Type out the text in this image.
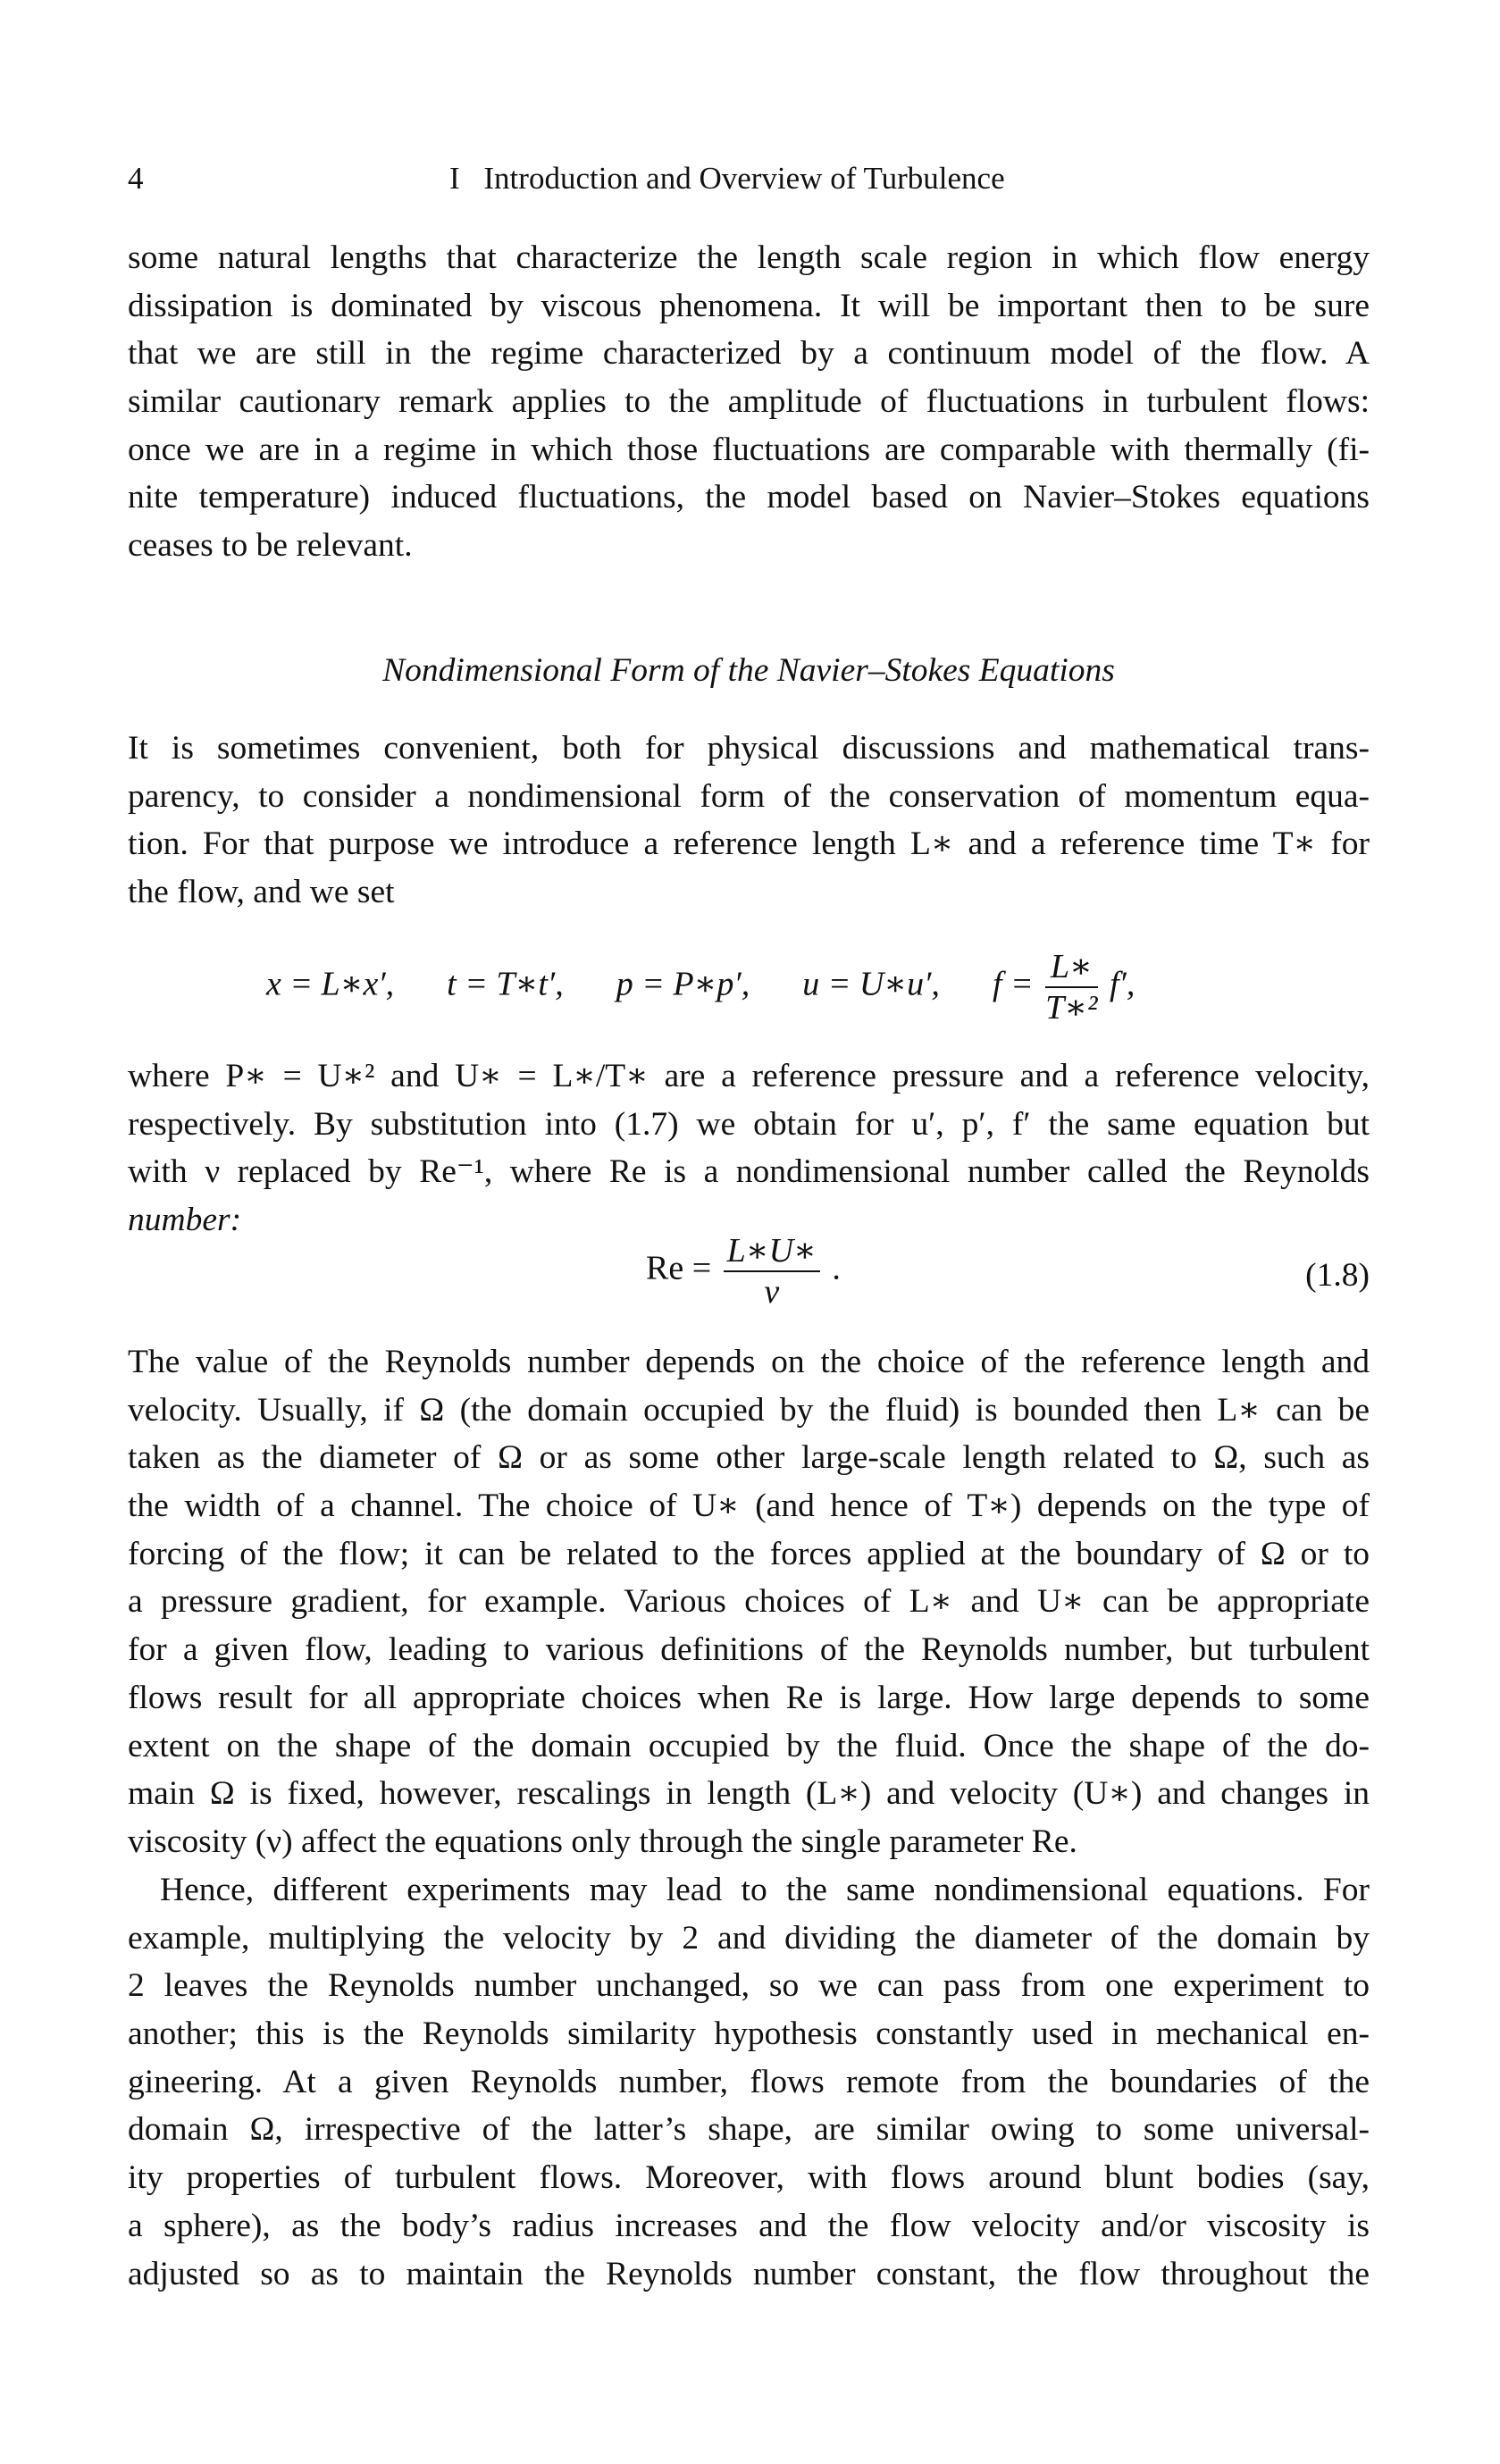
4	I Introduction and Overview of Turbulence
some natural lengths that characterize the length scale region in which flow energy
dissipation is dominated by viscous phenomena. It will be important then to be sure
that we are still in the regime characterized by a continuum model of the flow. A
similar cautionary remark applies to the amplitude of fluctuations in turbulent flows:
once we are in a regime in which those fluctuations are comparable with thermally (fi-
nite temperature) induced fluctuations, the model based on Navier–Stokes equations
ceases to be relevant.
Nondimensional Form of the Navier–Stokes Equations
It is sometimes convenient, both for physical discussions and mathematical trans-
parency, to consider a nondimensional form of the conservation of momentum equa-
tion. For that purpose we introduce a reference length L∗ and a reference time T∗ for
the flow, and we set
x = L∗x′, t = T∗t′, p = P∗p′, u = U∗u′, $f = \frac{L∗}{\text{T∗²}} f'$,
where P∗ = U∗² and U∗ = L∗/T∗ are a reference pressure and a reference velocity,
respectively. By substitution into (1.7) we obtain for u′, p′, f′ the same equation but
with ν replaced by Re⁻¹, where Re is a nondimensional number called the Reynolds
number:
$Re = \frac{L∗U∗}{\nu}$ .	(1.8)
The value of the Reynolds number depends on the choice of the reference length and
velocity. Usually, if Ω (the domain occupied by the fluid) is bounded then L∗ can be
taken as the diameter of Ω or as some other large-scale length related to Ω, such as
the width of a channel. The choice of U∗ (and hence of T∗) depends on the type of
forcing of the flow; it can be related to the forces applied at the boundary of Ω or to
a pressure gradient, for example. Various choices of L∗ and U∗ can be appropriate
for a given flow, leading to various definitions of the Reynolds number, but turbulent
flows result for all appropriate choices when Re is large. How large depends to some
extent on the shape of the domain occupied by the fluid. Once the shape of the do-
main Ω is fixed, however, rescalings in length (L∗) and velocity (U∗) and changes in
viscosity (ν) affect the equations only through the single parameter Re.
Hence, different experiments may lead to the same nondimensional equations. For
example, multiplying the velocity by 2 and dividing the diameter of the domain by
2 leaves the Reynolds number unchanged, so we can pass from one experiment to
another; this is the Reynolds similarity hypothesis constantly used in mechanical en-
gineering. At a given Reynolds number, flows remote from the boundaries of the
domain Ω, irrespective of the latter’s shape, are similar owing to some universal-
ity properties of turbulent flows. Moreover, with flows around blunt bodies (say,
a sphere), as the body’s radius increases and the flow velocity and/or viscosity is
adjusted so as to maintain the Reynolds number constant, the flow throughout the
